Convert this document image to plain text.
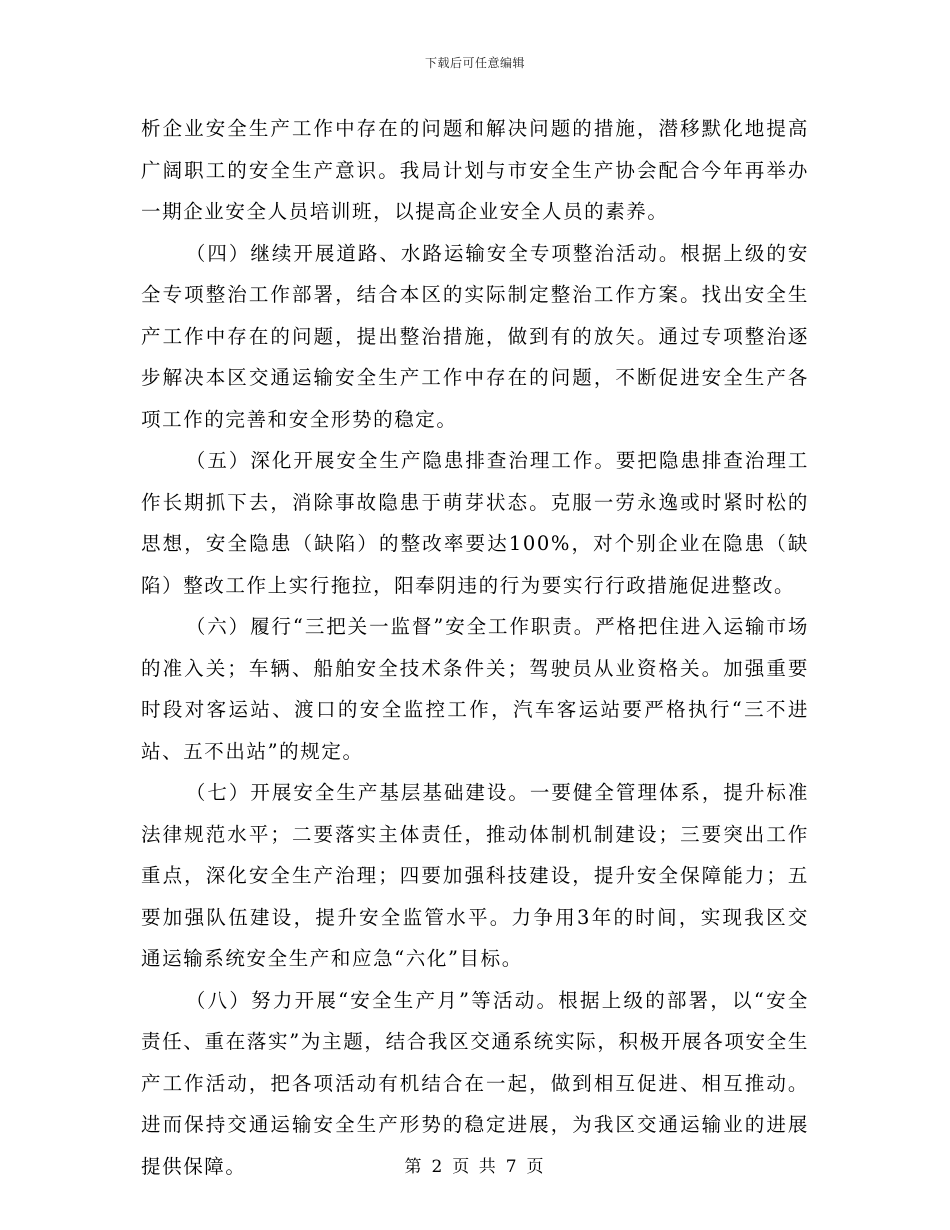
下载后可任意编辑

析企业安全生产工作中存在的问题和解决问题的措施，潜移默化地提高广阔职工的安全生产意识。我局计划与市安全生产协会配合今年再举办一期企业安全人员培训班，以提高企业安全人员的素养。

（四）继续开展道路、水路运输安全专项整治活动。根据上级的安全专项整治工作部署，结合本区的实际制定整治工作方案。找出安全生产工作中存在的问题，提出整治措施，做到有的放矢。通过专项整治逐步解决本区交通运输安全生产工作中存在的问题，不断促进安全生产各项工作的完善和安全形势的稳定。

（五）深化开展安全生产隐患排查治理工作。要把隐患排查治理工作长期抓下去，消除事故隐患于萌芽状态。克服一劳永逸或时紧时松的思想，安全隐患（缺陷）的整改率要达100%，对个别企业在隐患（缺陷）整改工作上实行拖拉，阳奉阴违的行为要实行行政措施促进整改。

（六）履行“三把关一监督”安全工作职责。严格把住进入运输市场的准入关；车辆、船舶安全技术条件关；驾驶员从业资格关。加强重要时段对客运站、渡口的安全监控工作，汽车客运站要严格执行“三不进站、五不出站”的规定。

（七）开展安全生产基层基础建设。一要健全管理体系，提升标准法律规范水平；二要落实主体责任，推动体制机制建设；三要突出工作重点，深化安全生产治理；四要加强科技建设，提升安全保障能力；五要加强队伍建设，提升安全监管水平。力争用3年的时间，实现我区交通运输系统安全生产和应急“六化”目标。

（八）努力开展“安全生产月”等活动。根据上级的部署，以“安全责任、重在落实”为主题，结合我区交通系统实际，积极开展各项安全生产工作活动，把各项活动有机结合在一起，做到相互促进、相互推动。进而保持交通运输安全生产形势的稳定进展，为我区交通运输业的进展提供保障。	第 2 页 共 7 页
